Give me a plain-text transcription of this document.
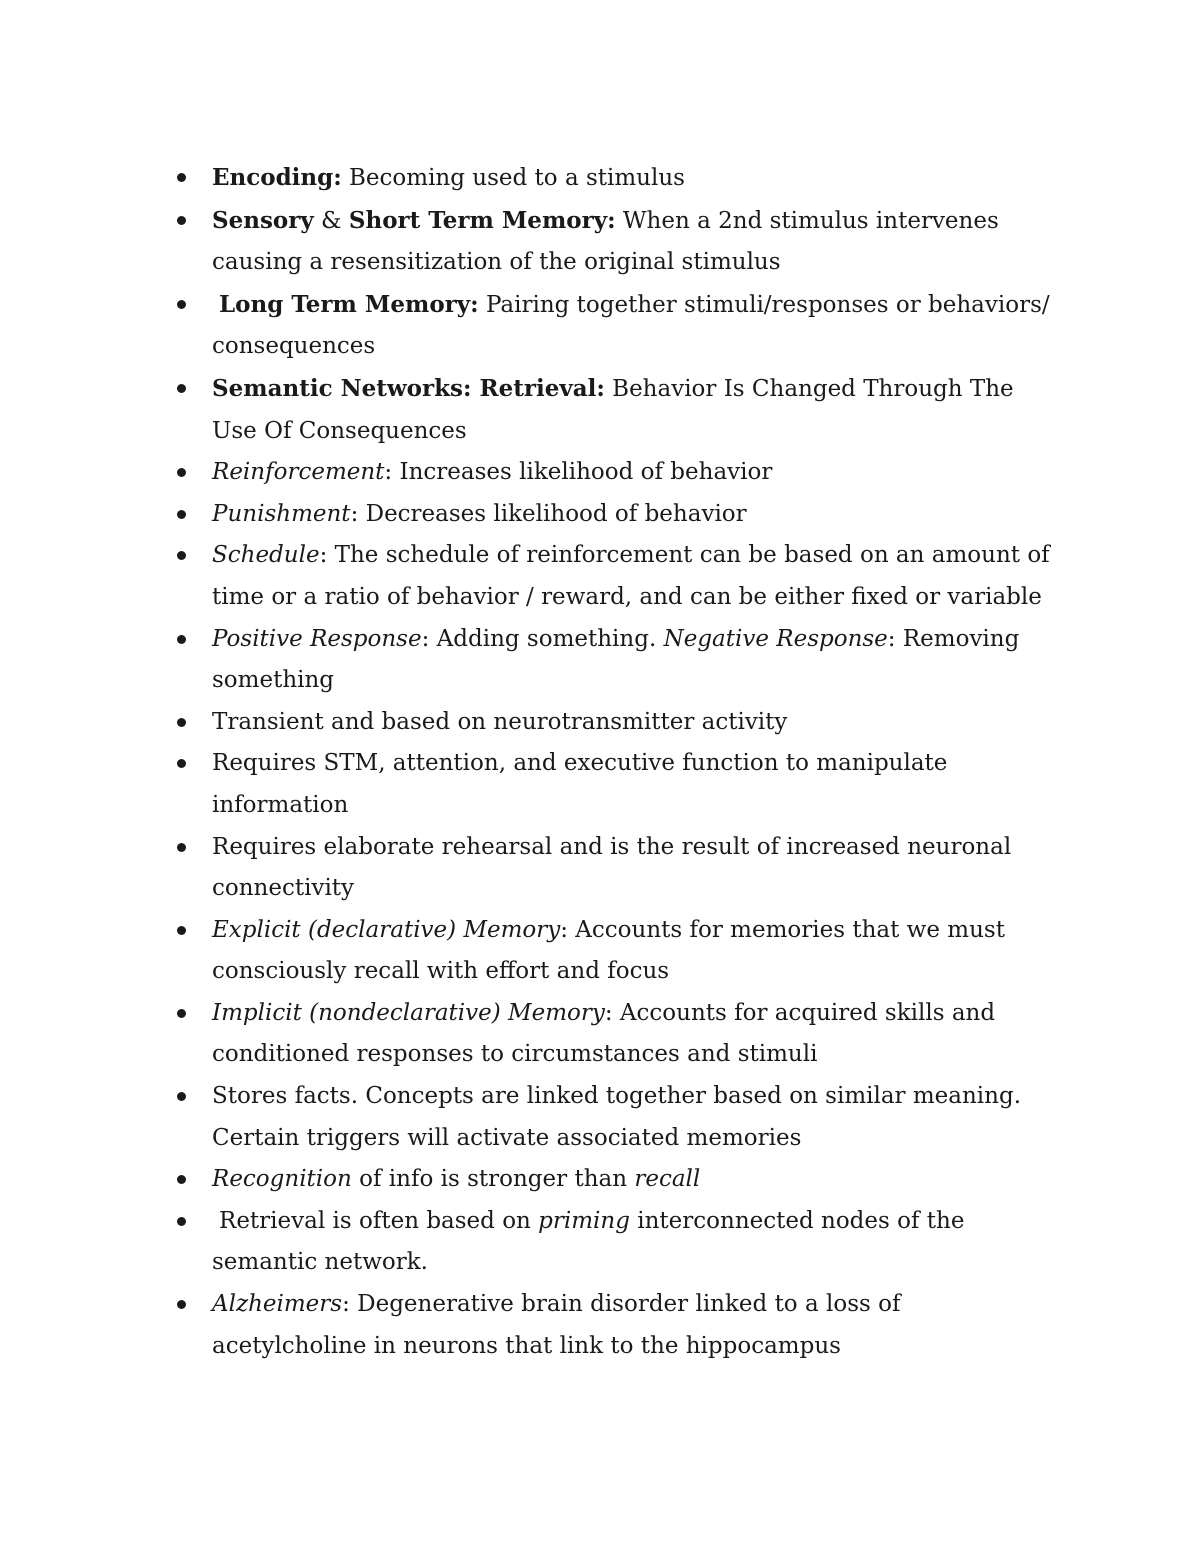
Encoding: Becoming used to a stimulus
Sensory & Short Term Memory: When a 2nd stimulus intervenes causing a resensitization of the original stimulus
Long Term Memory: Pairing together stimuli/responses or behaviors/ consequences
Semantic Networks: Retrieval: Behavior Is Changed Through The Use Of Consequences
Reinforcement: Increases likelihood of behavior
Punishment: Decreases likelihood of behavior
Schedule: The schedule of reinforcement can be based on an amount of time or a ratio of behavior / reward, and can be either fixed or variable
Positive Response: Adding something. Negative Response: Removing something
Transient and based on neurotransmitter activity
Requires STM, attention, and executive function to manipulate information
Requires elaborate rehearsal and is the result of increased neuronal connectivity
Explicit (declarative) Memory: Accounts for memories that we must consciously recall with effort and focus
Implicit (nondeclarative) Memory: Accounts for acquired skills and conditioned responses to circumstances and stimuli
Stores facts. Concepts are linked together based on similar meaning. Certain triggers will activate associated memories
Recognition of info is stronger than recall
Retrieval is often based on priming interconnected nodes of the semantic network.
Alzheimers: Degenerative brain disorder linked to a loss of acetylcholine in neurons that link to the hippocampus
